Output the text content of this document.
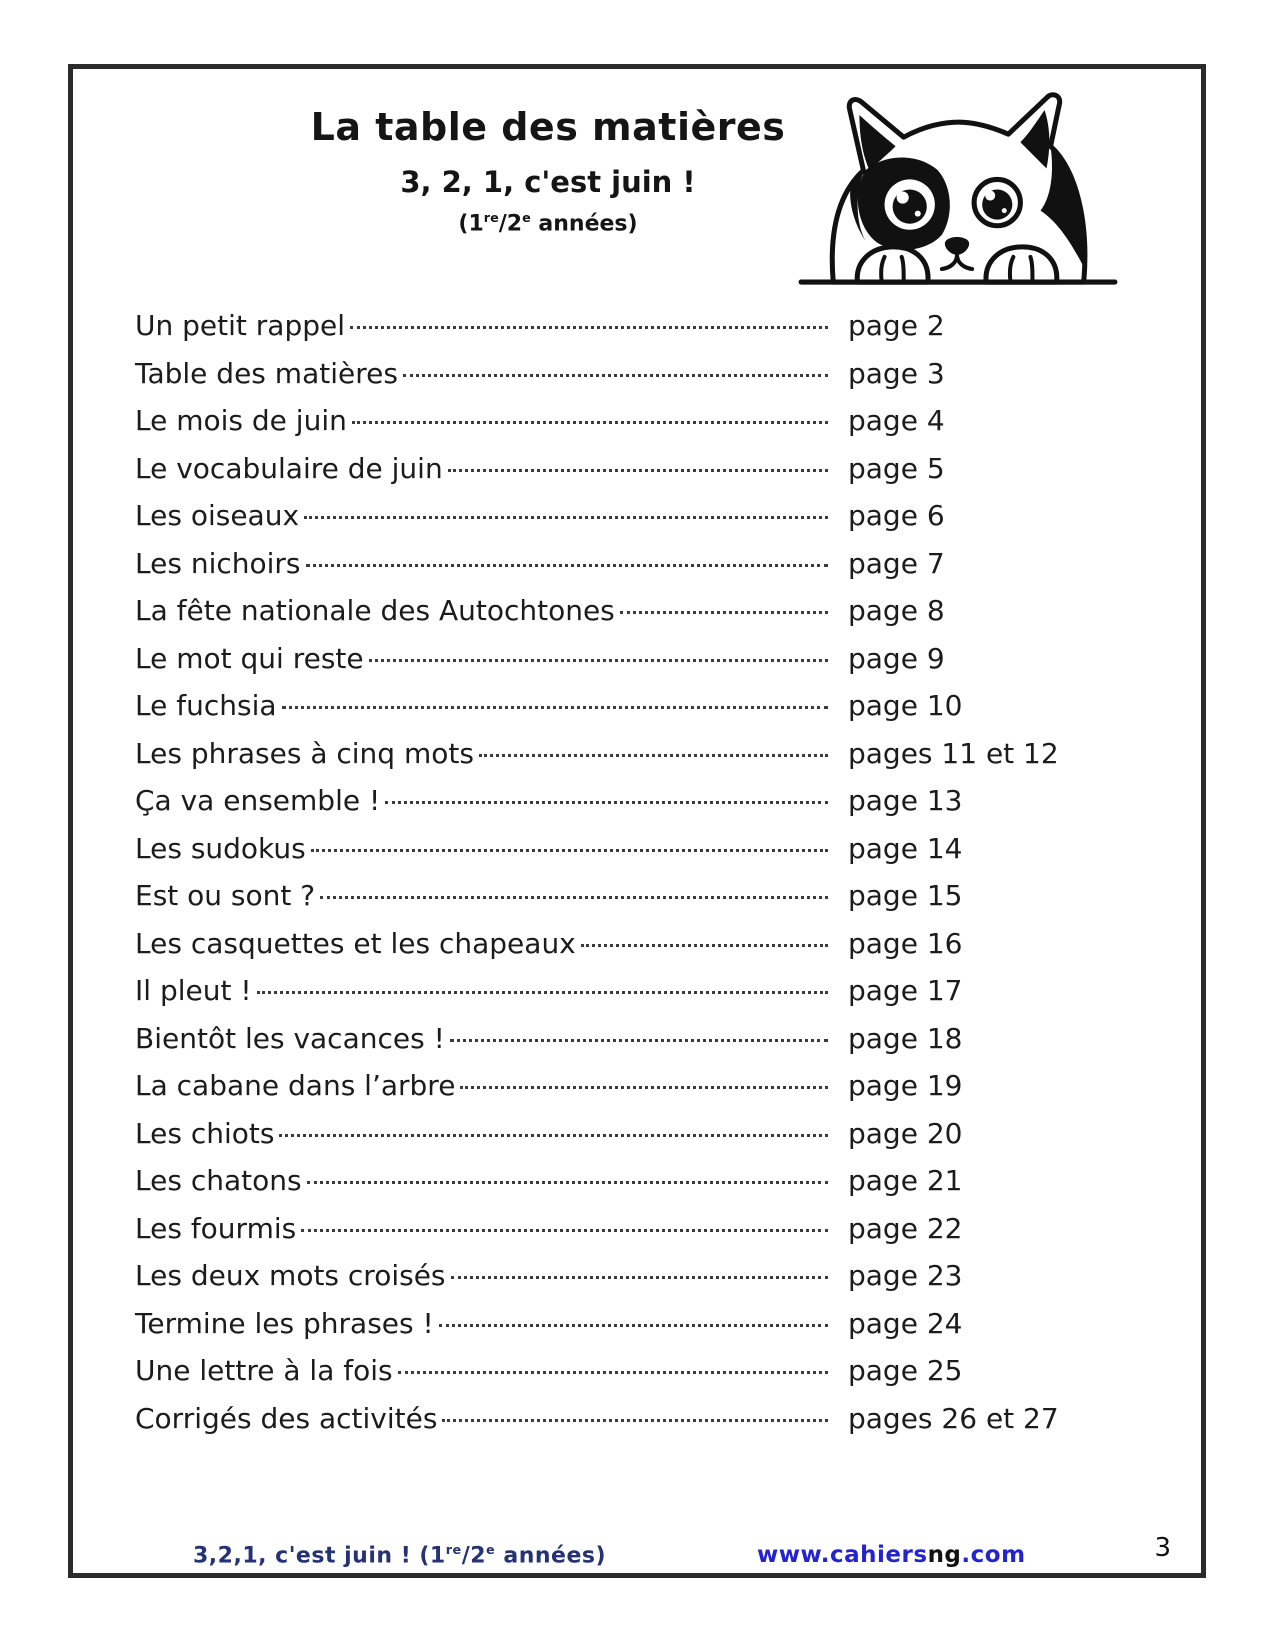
La table des matières
3, 2, 1, c'est juin !
(1re/2e années)
Un petit rappel	page 2
Table des matières	page 3
Le mois de juin	page 4
Le vocabulaire de juin	page 5
Les oiseaux	page 6
Les nichoirs	page 7
La fête nationale des Autochtones	page 8
Le mot qui reste	page 9
Le fuchsia	page 10
Les phrases à cinq mots	pages 11 et 12
Ça va ensemble !	page 13
Les sudokus	page 14
Est ou sont ?	page 15
Les casquettes et les chapeaux	page 16
Il pleut !	page 17
Bientôt les vacances !	page 18
La cabane dans l’arbre	page 19
Les chiots	page 20
Les chatons	page 21
Les fourmis	page 22
Les deux mots croisés	page 23
Termine les phrases !	page 24
Une lettre à la fois	page 25
Corrigés des activités	pages 26 et 27
3,2,1, c'est juin ! (1re/2e années)	www.cahiersng.com	3
